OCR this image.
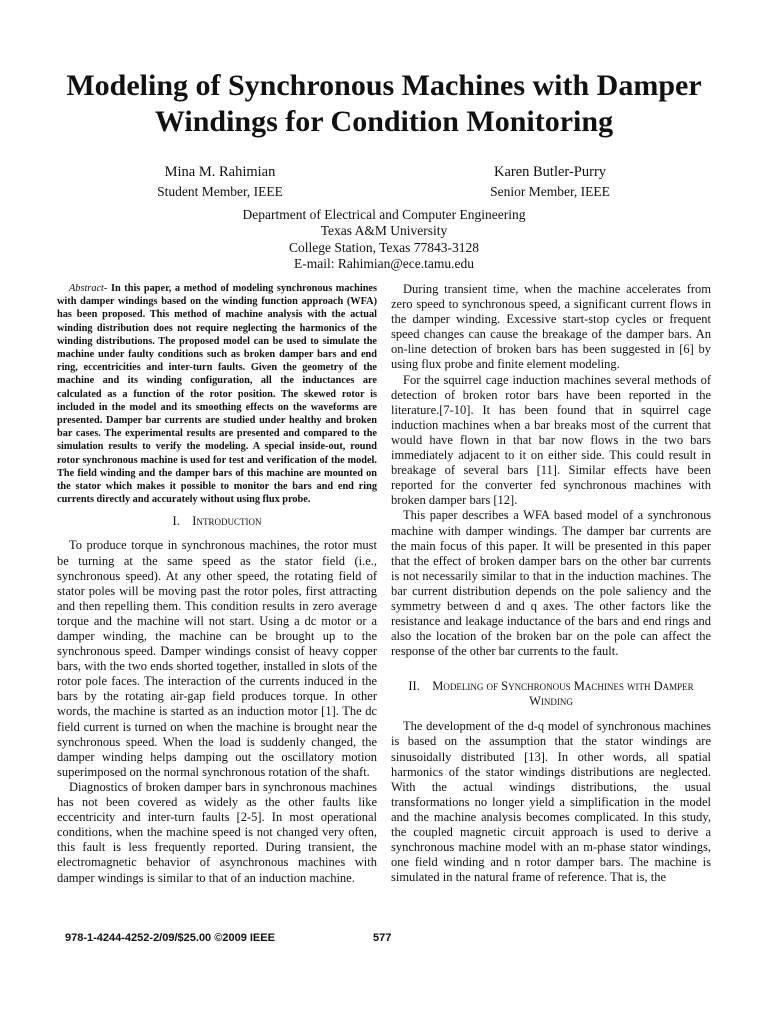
Modeling of Synchronous Machines with Damper
Windings for Condition Monitoring
Mina M. Rahimian
Student Member, IEEE
Karen Butler-Purry
Senior Member, IEEE
Department of Electrical and Computer Engineering
Texas A&M University
College Station, Texas 77843-3128
E-mail: Rahimian@ece.tamu.edu

Abstract- In this paper, a method of modeling synchronous machines with damper windings based on the winding function approach (WFA) has been proposed. This method of machine analysis with the actual winding distribution does not require neglecting the harmonics of the winding distributions. The proposed model can be used to simulate the machine under faulty conditions such as broken damper bars and end ring, eccentricities and inter-turn faults. Given the geometry of the machine and its winding configuration, all the inductances are calculated as a function of the rotor position. The skewed rotor is included in the model and its smoothing effects on the waveforms are presented. Damper bar currents are studied under healthy and broken bar cases. The experimental results are presented and compared to the simulation results to verify the modeling. A special inside-out, round rotor synchronous machine is used for test and verification of the model. The field winding and the damper bars of this machine are mounted on the stator which makes it possible to monitor the bars and end ring currents directly and accurately without using flux probe.

I. Introduction

To produce torque in synchronous machines, the rotor must be turning at the same speed as the stator field (i.e., synchronous speed). At any other speed, the rotating field of stator poles will be moving past the rotor poles, first attracting and then repelling them. This condition results in zero average torque and the machine will not start. Using a dc motor or a damper winding, the machine can be brought up to the synchronous speed. Damper windings consist of heavy copper bars, with the two ends shorted together, installed in slots of the rotor pole faces. The interaction of the currents induced in the bars by the rotating air-gap field produces torque. In other words, the machine is started as an induction motor [1]. The dc field current is turned on when the machine is brought near the synchronous speed. When the load is suddenly changed, the damper winding helps damping out the oscillatory motion superimposed on the normal synchronous rotation of the shaft.

Diagnostics of broken damper bars in synchronous machines has not been covered as widely as the other faults like eccentricity and inter-turn faults [2-5]. In most operational conditions, when the machine speed is not changed very often, this fault is less frequently reported. During transient, the electromagnetic behavior of asynchronous machines with damper windings is similar to that of an induction machine.

During transient time, when the machine accelerates from zero speed to synchronous speed, a significant current flows in the damper winding. Excessive start-stop cycles or frequent speed changes can cause the breakage of the damper bars. An on-line detection of broken bars has been suggested in [6] by using flux probe and finite element modeling.

For the squirrel cage induction machines several methods of detection of broken rotor bars have been reported in the literature.[7-10]. It has been found that in squirrel cage induction machines when a bar breaks most of the current that would have flown in that bar now flows in the two bars immediately adjacent to it on either side. This could result in breakage of several bars [11]. Similar effects have been reported for the converter fed synchronous machines with broken damper bars [12].

This paper describes a WFA based model of a synchronous machine with damper windings. The damper bar currents are the main focus of this paper. It will be presented in this paper that the effect of broken damper bars on the other bar currents is not necessarily similar to that in the induction machines. The bar current distribution depends on the pole saliency and the symmetry between d and q axes. The other factors like the resistance and leakage inductance of the bars and end rings and also the location of the broken bar on the pole can affect the response of the other bar currents to the fault.

II. Modeling of Synchronous Machines with Damper
Winding

The development of the d-q model of synchronous machines is based on the assumption that the stator windings are sinusoidally distributed [13]. In other words, all spatial harmonics of the stator windings distributions are neglected. With the actual windings distributions, the usual transformations no longer yield a simplification in the model and the machine analysis becomes complicated. In this study, the coupled magnetic circuit approach is used to derive a synchronous machine model with an m-phase stator windings, one field winding and n rotor damper bars. The machine is simulated in the natural frame of reference. That is, the

978-1-4244-4252-2/09/$25.00 ©2009 IEEE	577
